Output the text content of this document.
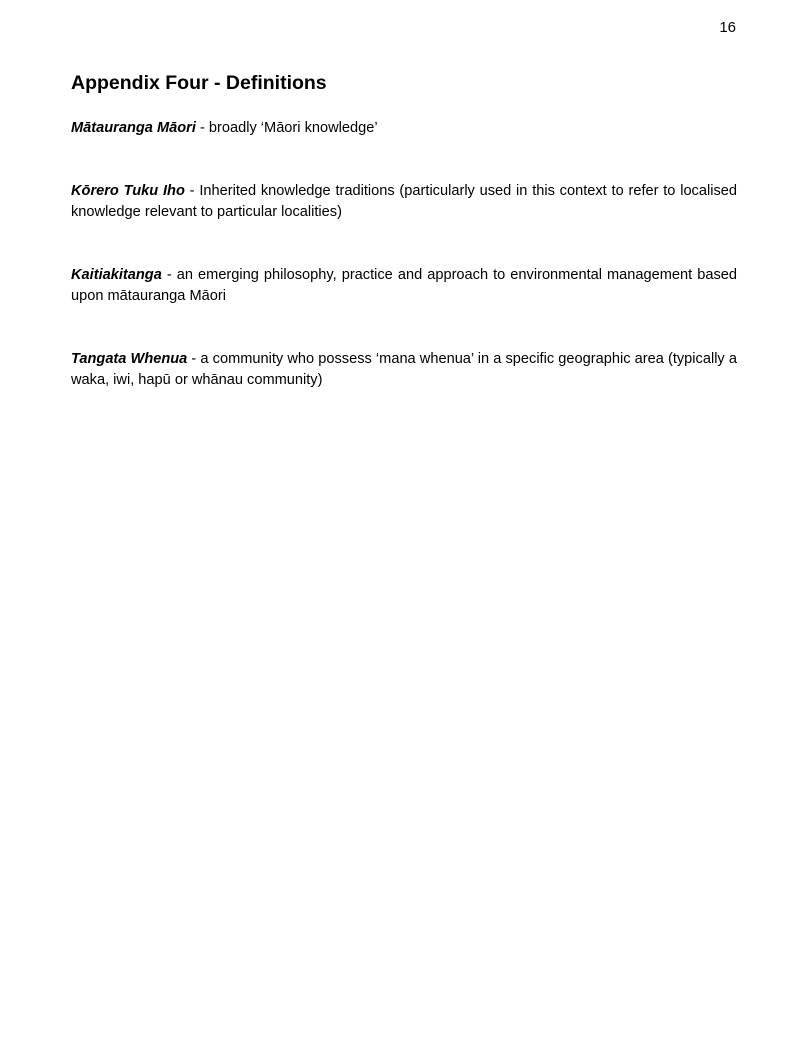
16
Appendix Four - Definitions

Mātauranga Māori - broadly ‘Māori knowledge’

Kōrero Tuku Iho - Inherited knowledge traditions (particularly used in this context to refer to localised knowledge relevant to particular localities)

Kaitiakitanga - an emerging philosophy, practice and approach to environmental management based upon mātauranga Māori

Tangata Whenua - a community who possess ‘mana whenua’ in a specific geographic area (typically a waka, iwi, hapū or whānau community)
